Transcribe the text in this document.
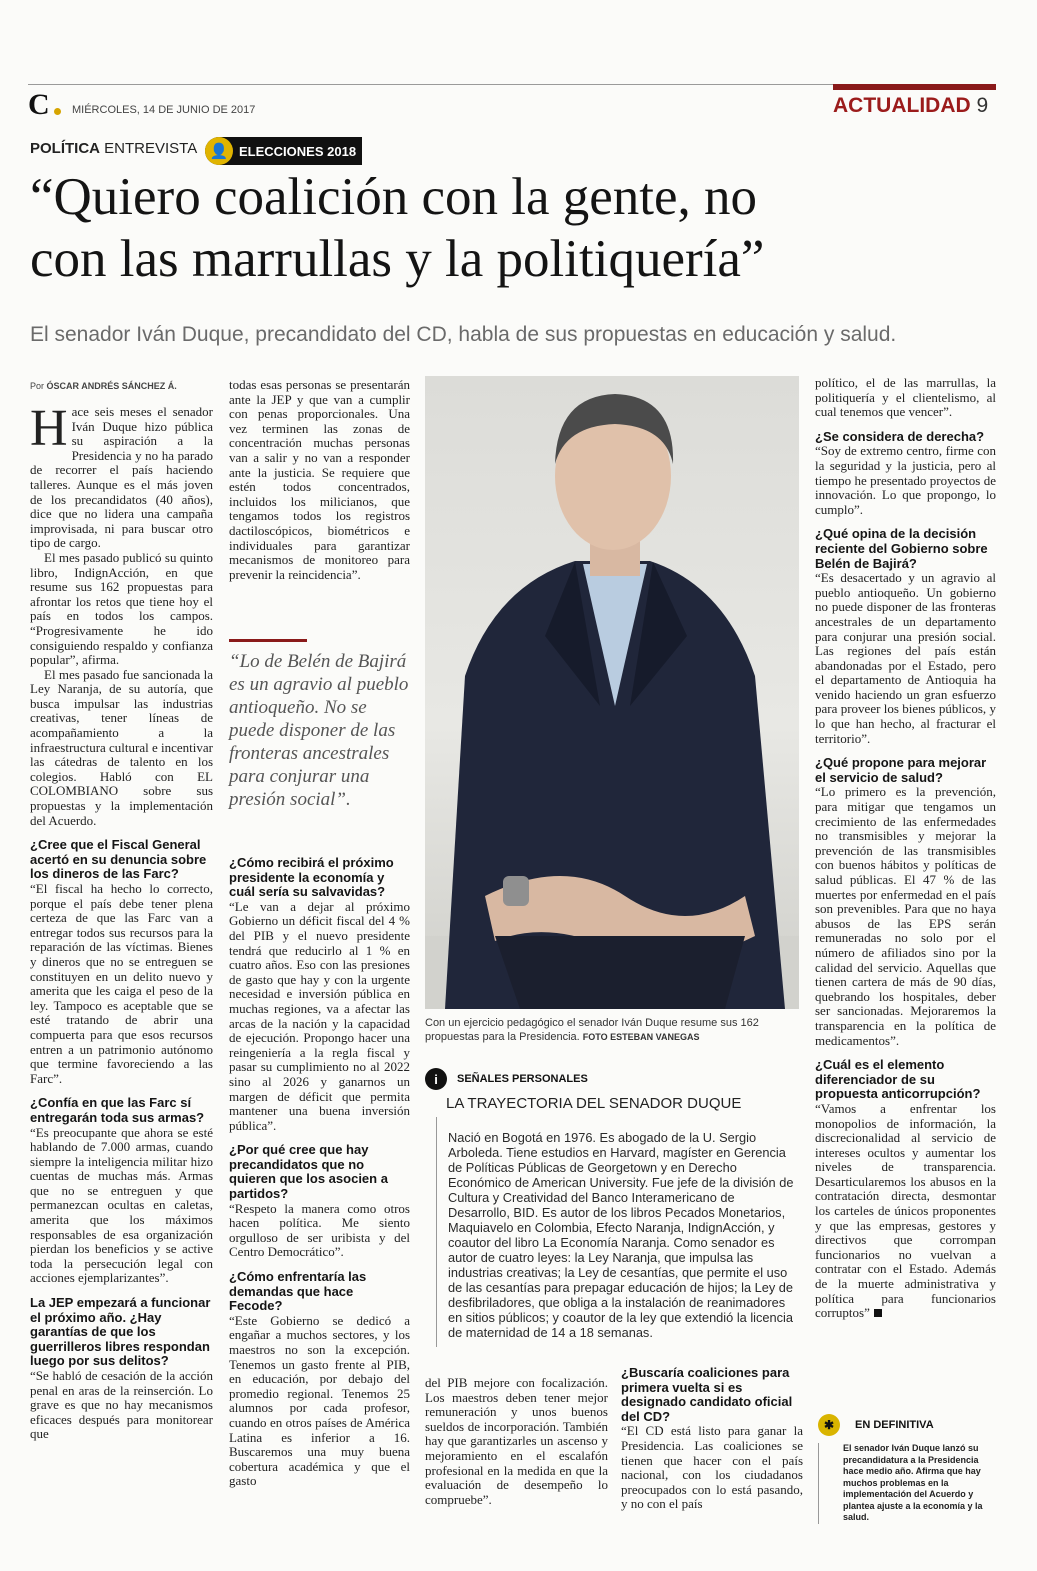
C MIÉRCOLES, 14 DE JUNIO DE 2017	ACTUALIDAD 9
POLÍTICA ENTREVISTA 👤 ELECCIONES 2018
“Quiero coalición con la gente, no
con las marrullas y la politiquería”
El senador Iván Duque, precandidato del CD, habla de sus propuestas en educación y salud.
Por ÓSCAR ANDRÉS SÁNCHEZ Á.

Hace seis meses el senador Iván Duque hizo pública su aspiración a la Presidencia y no ha parado de recorrer el país haciendo talleres. Aunque es el más joven de los precandidatos (40 años), dice que no lidera una campaña improvisada, ni para buscar otro tipo de cargo.

El mes pasado publicó su quinto libro, IndignAcción, en que resume sus 162 propuestas para afrontar los retos que tiene hoy el país en todos los campos. “Progresivamente he ido consiguiendo respaldo y confianza popular”, afirma.

El mes pasado fue sancionada la Ley Naranja, de su autoría, que busca impulsar las industrias creativas, tener líneas de acompañamiento a la infraestructura cultural e incentivar las cátedras de talento en los colegios. Habló con EL COLOMBIANO sobre sus propuestas y la implementación del Acuerdo.

¿Cree que el Fiscal General acertó en su denuncia sobre los dineros de las Farc?

“El fiscal ha hecho lo correcto, porque el país debe tener plena certeza de que las Farc van a entregar todos sus recursos para la reparación de las víctimas. Bienes y dineros que no se entreguen se constituyen en un delito nuevo y amerita que les caiga el peso de la ley. Tampoco es aceptable que se esté tratando de abrir una compuerta para que esos recursos entren a un patrimonio autónomo que termine favoreciendo a las Farc”.

¿Confía en que las Farc sí entregarán toda sus armas?

“Es preocupante que ahora se esté hablando de 7.000 armas, cuando siempre la inteligencia militar hizo cuentas de muchas más. Armas que no se entreguen y que permanezcan ocultas en caletas, amerita que los máximos responsables de esa organización pierdan los beneficios y se active toda la persecución legal con acciones ejemplarizantes”.

La JEP empezará a funcionar el próximo año. ¿Hay garantías de que los guerrilleros libres respondan luego por sus delitos?

“Se habló de cesación de la acción penal en aras de la reinserción. Lo grave es que no hay mecanismos eficaces después para monitorear que

todas esas personas se presentarán ante la JEP y que van a cumplir con penas proporcionales. Una vez terminen las zonas de concentración muchas personas van a salir y no van a responder ante la justicia. Se requiere que estén todos concentrados, incluidos los milicianos, que tengamos todos los registros dactiloscópicos, biométricos e individuales para garantizar mecanismos de monitoreo para prevenir la reincidencia”.

“Lo de Belén de Bajirá es un agravio al pueblo antioqueño. No se puede disponer de las fronteras ancestrales para conjurar una presión social”.
¿Cómo recibirá el próximo presidente la economía y cuál sería su salvavidas?

“Le van a dejar al próximo Gobierno un déficit fiscal del 4 % del PIB y el nuevo presidente tendrá que reducirlo al 1 % en cuatro años. Eso con las presiones de gasto que hay y con la urgente necesidad e inversión pública en muchas regiones, va a afectar las arcas de la nación y la capacidad de ejecución. Propongo hacer una reingeniería a la regla fiscal y pasar su cumplimiento no al 2022 sino al 2026 y ganarnos un margen de déficit que permita mantener una buena inversión pública”.

¿Por qué cree que hay precandidatos que no quieren que los asocien a partidos?

“Respeto la manera como otros hacen política. Me siento orgulloso de ser uribista y del Centro Democrático”.

¿Cómo enfrentaría las demandas que hace Fecode?

“Este Gobierno se dedicó a engañar a muchos sectores, y los maestros no son la excepción. Tenemos un gasto frente al PIB, en educación, por debajo del promedio regional. Tenemos 25 alumnos por cada profesor, cuando en otros países de América Latina es inferior a 16. Buscaremos una muy buena cobertura académica y que el gasto

Con un ejercicio pedagógico el senador Iván Duque resume sus 162 propuestas para la Presidencia. FOTO ESTEBAN VANEGAS
i	SEÑALES PERSONALES
LA TRAYECTORIA DEL SENADOR DUQUE
Nació en Bogotá en 1976. Es abogado de la U. Sergio Arboleda. Tiene estudios en Harvard, magíster en Gerencia de Políticas Públicas de Georgetown y en Derecho Económico de American University. Fue jefe de la división de Cultura y Creatividad del Banco Interamericano de Desarrollo, BID. Es autor de los libros Pecados Monetarios, Maquiavelo en Colombia, Efecto Naranja, IndignAcción, y coautor del libro La Economía Naranja. Como senador es autor de cuatro leyes: la Ley Naranja, que impulsa las industrias creativas; la Ley de cesantías, que permite el uso de las cesantías para prepagar educación de hijos; la Ley de desfibriladores, que obliga a la instalación de reanimadores en sitios públicos; y coautor de la ley que extendió la licencia de maternidad de 14 a 18 semanas.

del PIB mejore con focalización. Los maestros deben tener mejor remuneración y unos buenos sueldos de incorporación. También hay que garantizarles un ascenso y mejoramiento en el escalafón profesional en la medida en que la evaluación de desempeño lo compruebe”.

¿Buscaría coaliciones para primera vuelta si es designado candidato oficial del CD?

“El CD está listo para ganar la Presidencia. Las coaliciones se tienen que hacer con el país nacional, con los ciudadanos preocupados con lo está pasando, y no con el país

político, el de las marrullas, la politiquería y el clientelismo, al cual tenemos que vencer”.

¿Se considera de derecha?

“Soy de extremo centro, firme con la seguridad y la justicia, pero al tiempo he presentado proyectos de innovación. Lo que propongo, lo cumplo”.

¿Qué opina de la decisión reciente del Gobierno sobre Belén de Bajirá?

“Es desacertado y un agravio al pueblo antioqueño. Un gobierno no puede disponer de las fronteras ancestrales de un departamento para conjurar una presión social. Las regiones del país están abandonadas por el Estado, pero el departamento de Antioquia ha venido haciendo un gran esfuerzo para proveer los bienes públicos, y lo que han hecho, al fracturar el territorio”.

¿Qué propone para mejorar el servicio de salud?

“Lo primero es la prevención, para mitigar que tengamos un crecimiento de las enfermedades no transmisibles y mejorar la prevención de las transmisibles con buenos hábitos y políticas de salud públicas. El 47 % de las muertes por enfermedad en el país son prevenibles. Para que no haya abusos de las EPS serán remuneradas no solo por el número de afiliados sino por la calidad del servicio. Aquellas que tienen cartera de más de 90 días, quebrando los hospitales, deber ser sancionadas. Mejoraremos la transparencia en la política de medicamentos”.

¿Cuál es el elemento diferenciador de su propuesta anticorrupción?

“Vamos a enfrentar los monopolios de información, la discrecionalidad al servicio de intereses ocultos y aumentar los niveles de transparencia. Desarticularemos los abusos en la contratación directa, desmontar los carteles de únicos proponentes y que las empresas, gestores y directivos que corrompan funcionarios no vuelvan a contratar con el Estado. Además de la muerte administrativa y política para funcionarios corruptos”

✱	EN DEFINITIVA
El senador Iván Duque lanzó su precandidatura a la Presidencia hace medio año. Afirma que hay muchos problemas en la implementación del Acuerdo y plantea ajuste a la economía y la salud.
